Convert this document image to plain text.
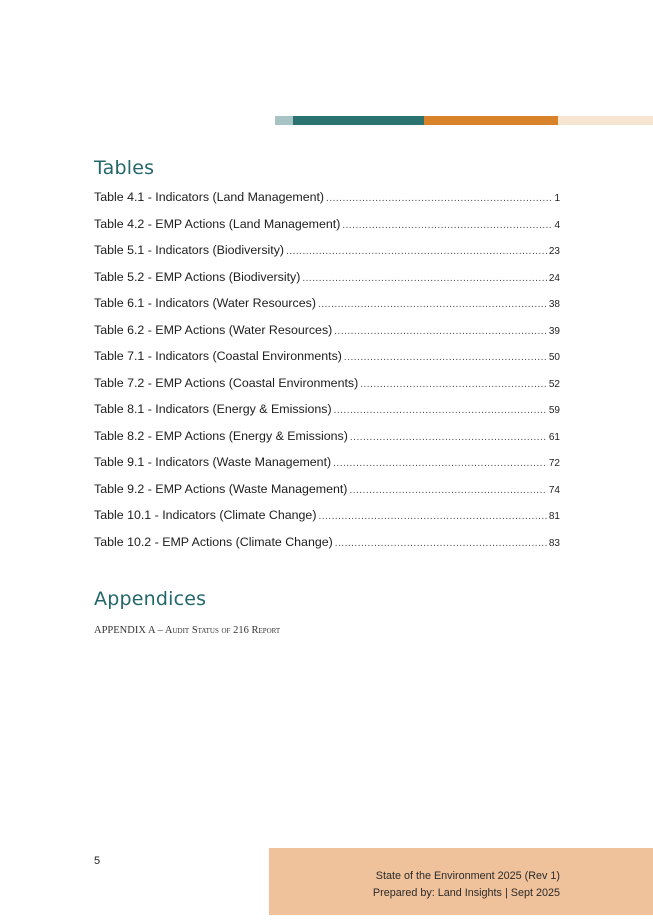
Tables
Table 4.1 - Indicators (Land Management) .....	1
Table 4.2 - EMP Actions (Land Management) .....	4
Table 5.1 - Indicators (Biodiversity) .....	23
Table 5.2 - EMP Actions (Biodiversity) .....	24
Table 6.1 - Indicators (Water Resources) .....	38
Table 6.2 - EMP Actions (Water Resources) .....	39
Table 7.1 - Indicators (Coastal Environments) .....	50
Table 7.2 - EMP Actions (Coastal Environments) .....	52
Table 8.1 - Indicators (Energy & Emissions) .....	59
Table 8.2 - EMP Actions (Energy & Emissions) .....	61
Table 9.1 - Indicators (Waste Management) .....	72
Table 9.2 - EMP Actions (Waste Management) .....	74
Table 10.1 - Indicators (Climate Change) .....	81
Table 10.2 - EMP Actions (Climate Change) .....	83
Appendices
APPENDIX A – Audit Status of 216 Report
5
State of the Environment 2025 (Rev 1)
Prepared by: Land Insights | Sept 2025
